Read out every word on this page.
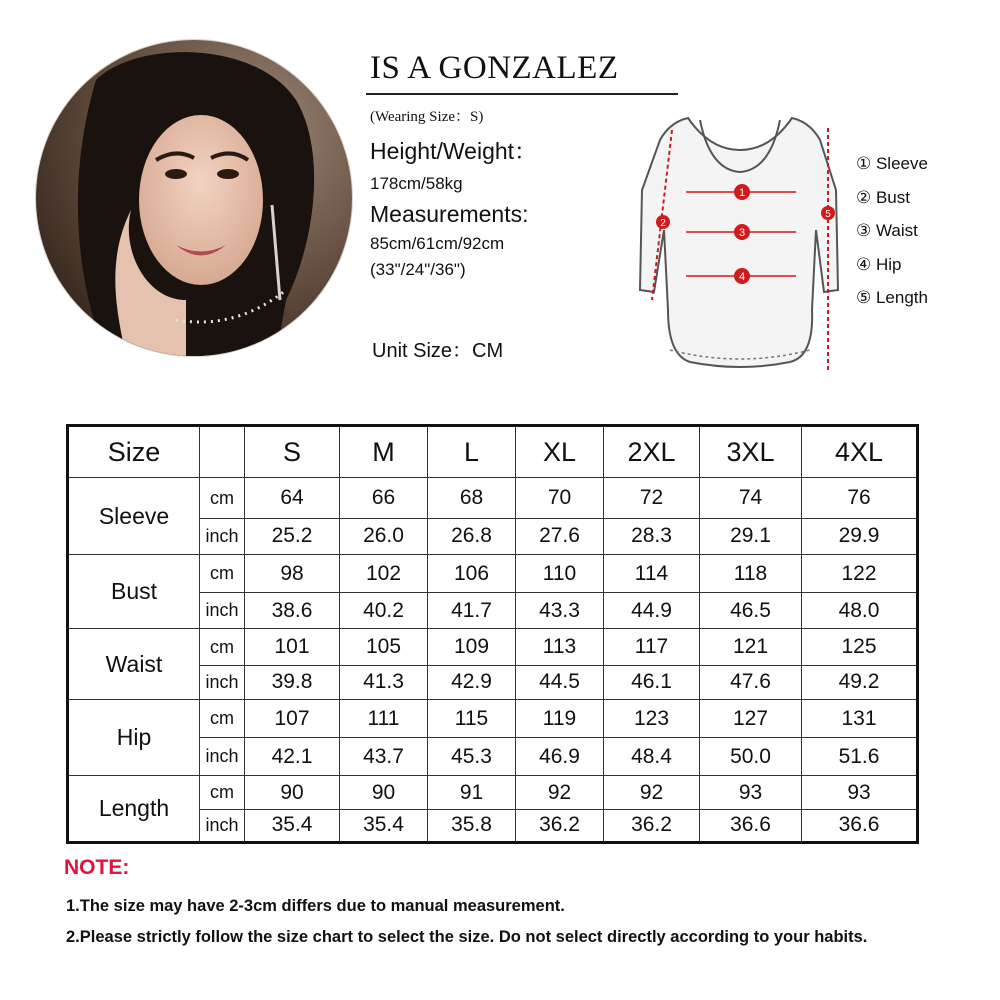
IS A GONZALEZ
(Wearing Size：S)
Height/Weight：
178cm/58kg
Measurements:
85cm/61cm/92cm
(33"/24"/36")
Unit Size：CM
1
2
3
4
5
① Sleeve
② Bust
③ Waist
④ Hip
⑤ Length
Size		S	M	L	XL	2XL	3XL	4XL
Sleeve	cm	64	66	68	70	72	74	76
	inch	25.2	26.0	26.8	27.6	28.3	29.1	29.9
Bust	cm	98	102	106	110	114	118	122
	inch	38.6	40.2	41.7	43.3	44.9	46.5	48.0
Waist	cm	101	105	109	113	117	121	125
	inch	39.8	41.3	42.9	44.5	46.1	47.6	49.2
Hip	cm	107	111	115	119	123	127	131
	inch	42.1	43.7	45.3	46.9	48.4	50.0	51.6
Length	cm	90	90	91	92	92	93	93
	inch	35.4	35.4	35.8	36.2	36.2	36.6	36.6
NOTE:
1.The size may have 2-3cm differs due to manual measurement.
2.Please strictly follow the size chart to select the size. Do not select directly according to your habits.
